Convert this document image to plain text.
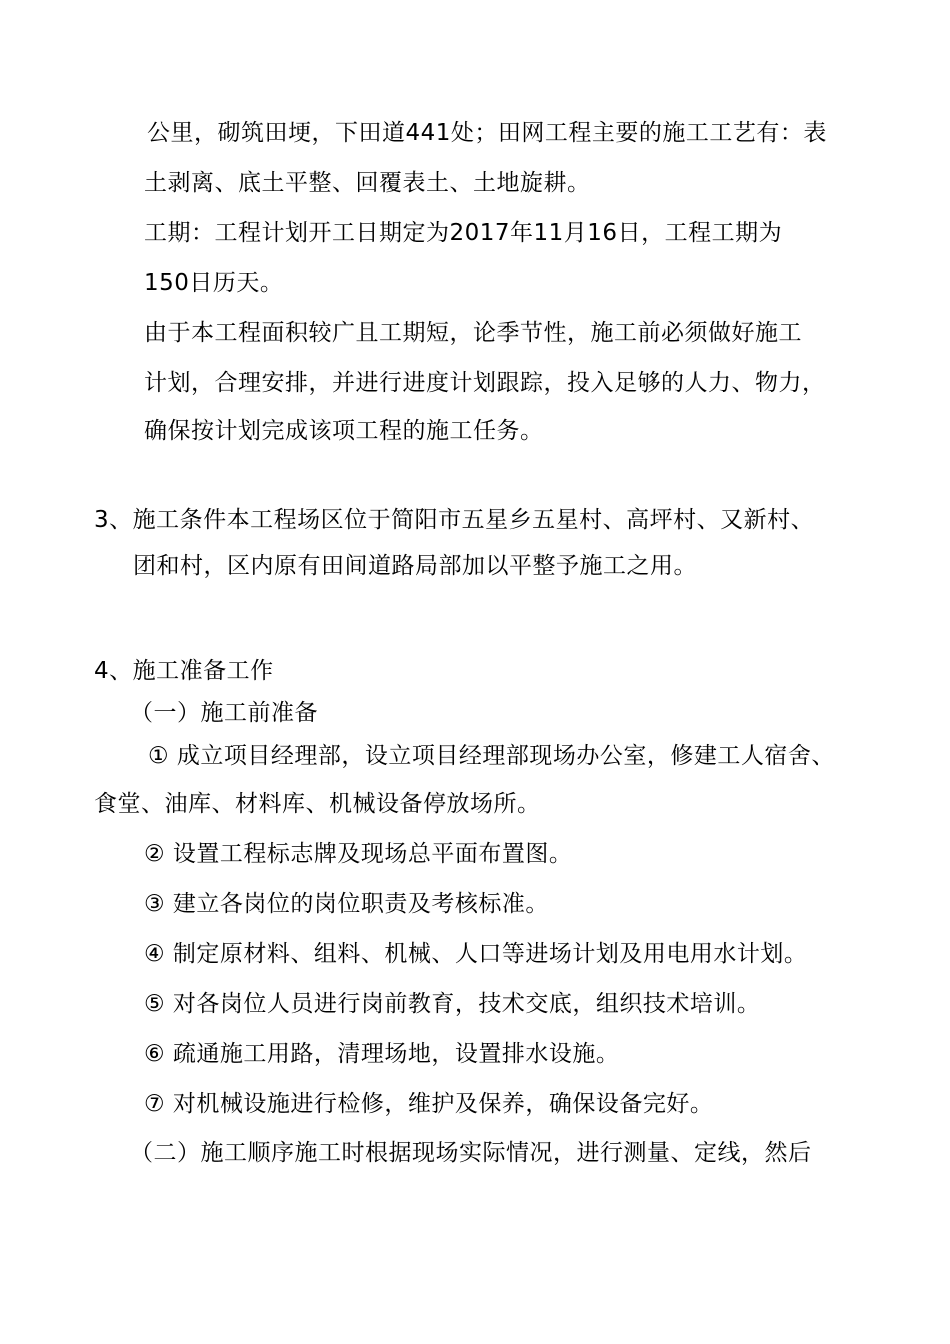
公里，砌筑田埂，下田道441处；田网工程主要的施工工艺有：表

土剥离、底土平整、回覆表土、土地旋耕。

工期：工程计划开工日期定为2017年11月16日，工程工期为

150日历天。

由于本工程面积较广且工期短，论季节性，施工前必须做好施工

计划，合理安排，并进行进度计划跟踪，投入足够的人力、物力，

确保按计划完成该项工程的施工任务。

3、施工条件本工程场区位于简阳市五星乡五星村、高坪村、又新村、

团和村，区内原有田间道路局部加以平整予施工之用。

4、施工准备工作

（一）施工前准备

① 成立项目经理部，设立项目经理部现场办公室，修建工人宿舍、

食堂、油库、材料库、机械设备停放场所。

② 设置工程标志牌及现场总平面布置图。

③ 建立各岗位的岗位职责及考核标准。

④ 制定原材料、组料、机械、人口等进场计划及用电用水计划。

⑤ 对各岗位人员进行岗前教育，技术交底，组织技术培训。

⑥ 疏通施工用路，清理场地，设置排水设施。

⑦ 对机械设施进行检修，维护及保养，确保设备完好。

（二）施工顺序施工时根据现场实际情况，进行测量、定线，然后
